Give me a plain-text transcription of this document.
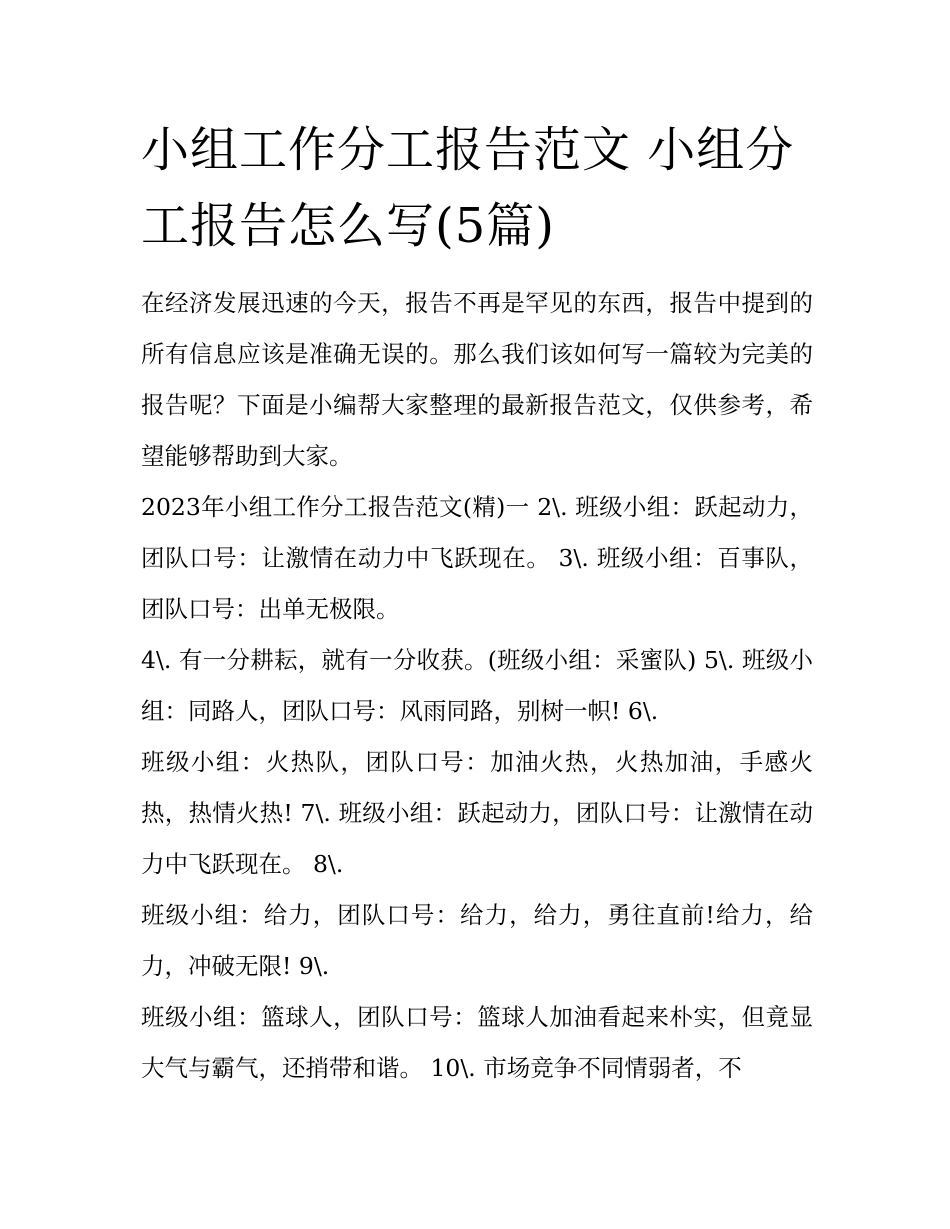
小组工作分工报告范文 小组分工报告怎么写(5篇)

在经济发展迅速的今天，报告不再是罕见的东西，报告中提到的所有信息应该是准确无误的。那么我们该如何写一篇较为完美的报告呢？下面是小编帮大家整理的最新报告范文，仅供参考，希望能够帮助到大家。

2023年小组工作分工报告范文(精)一 2\. 班级小组：跃起动力，团队口号：让激情在动力中飞跃现在。 3\. 班级小组：百事队，团队口号：出单无极限。

4\. 有一分耕耘，就有一分收获。(班级小组：采蜜队) 5\. 班级小组：同路人，团队口号：风雨同路，别树一帜! 6\.

班级小组：火热队，团队口号：加油火热，火热加油，手感火热，热情火热! 7\. 班级小组：跃起动力，团队口号：让激情在动力中飞跃现在。 8\.

班级小组：给力，团队口号：给力，给力，勇往直前!给力，给力，冲破无限! 9\.

班级小组：篮球人，团队口号：篮球人加油看起来朴实，但竟显大气与霸气，还捎带和谐。 10\. 市场竞争不同情弱者，不
